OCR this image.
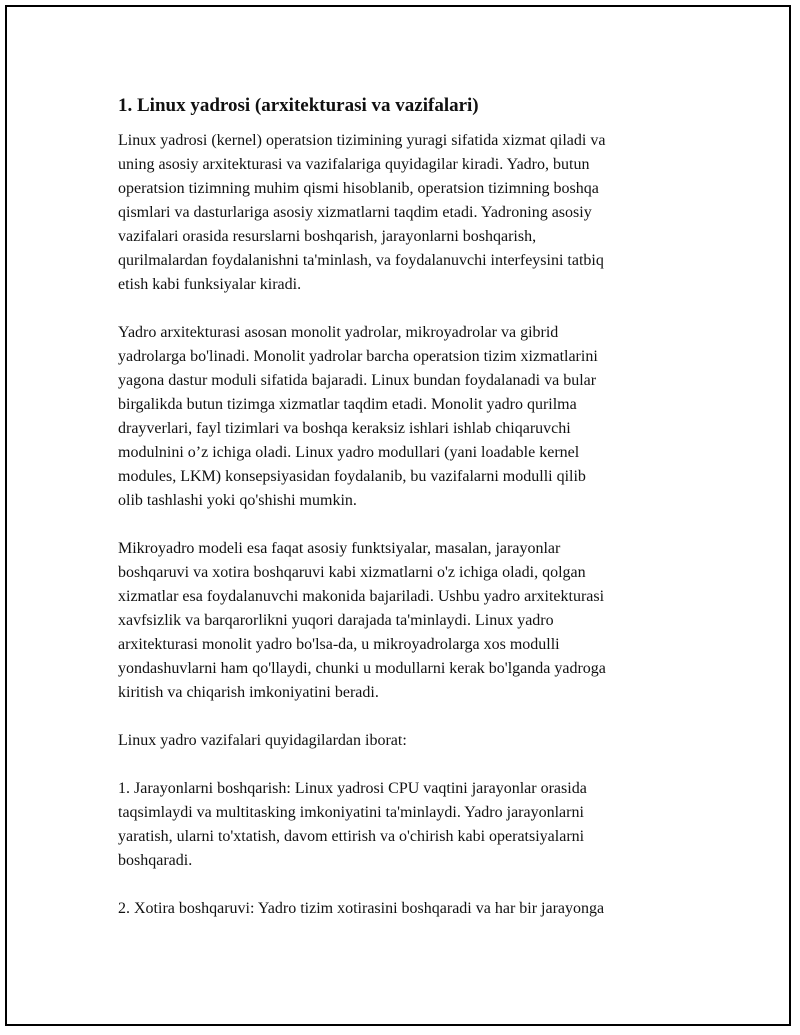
1. Linux yadrosi (arxitekturasi va vazifalari)
Linux yadrosi (kernel) operatsion tizimining yuragi sifatida xizmat qiladi va
uning asosiy arxitekturasi va vazifalariga quyidagilar kiradi. Yadro, butun
operatsion tizimning muhim qismi hisoblanib, operatsion tizimning boshqa
qismlari va dasturlariga asosiy xizmatlarni taqdim etadi. Yadroning asosiy
vazifalari orasida resurslarni boshqarish, jarayonlarni boshqarish,
qurilmalardan foydalanishni ta'minlash, va foydalanuvchi interfeysini tatbiq
etish kabi funksiyalar kiradi.
Yadro arxitekturasi asosan monolit yadrolar, mikroyadrolar va gibrid
yadrolarga bo'linadi. Monolit yadrolar barcha operatsion tizim xizmatlarini
yagona dastur moduli sifatida bajaradi. Linux bundan foydalanadi va bular
birgalikda butun tizimga xizmatlar taqdim etadi. Monolit yadro qurilma
drayverlari, fayl tizimlari va boshqa keraksiz ishlari ishlab chiqaruvchi
modulnini o’z ichiga oladi. Linux yadro modullari (yani loadable kernel
modules, LKM) konsepsiyasidan foydalanib, bu vazifalarni modulli qilib
olib tashlashi yoki qo'shishi mumkin.
Mikroyadro modeli esa faqat asosiy funktsiyalar, masalan, jarayonlar
boshqaruvi va xotira boshqaruvi kabi xizmatlarni o'z ichiga oladi, qolgan
xizmatlar esa foydalanuvchi makonida bajariladi. Ushbu yadro arxitekturasi
xavfsizlik va barqarorlikni yuqori darajada ta'minlaydi. Linux yadro
arxitekturasi monolit yadro bo'lsa-da, u mikroyadrolarga xos modulli
yondashuvlarni ham qo'llaydi, chunki u modullarni kerak bo'lganda yadroga
kiritish va chiqarish imkoniyatini beradi.
Linux yadro vazifalari quyidagilardan iborat:
1. Jarayonlarni boshqarish: Linux yadrosi CPU vaqtini jarayonlar orasida
taqsimlaydi va multitasking imkoniyatini ta'minlaydi. Yadro jarayonlarni
yaratish, ularni to'xtatish, davom ettirish va o'chirish kabi operatsiyalarni
boshqaradi.
2. Xotira boshqaruvi: Yadro tizim xotirasini boshqaradi va har bir jarayonga
